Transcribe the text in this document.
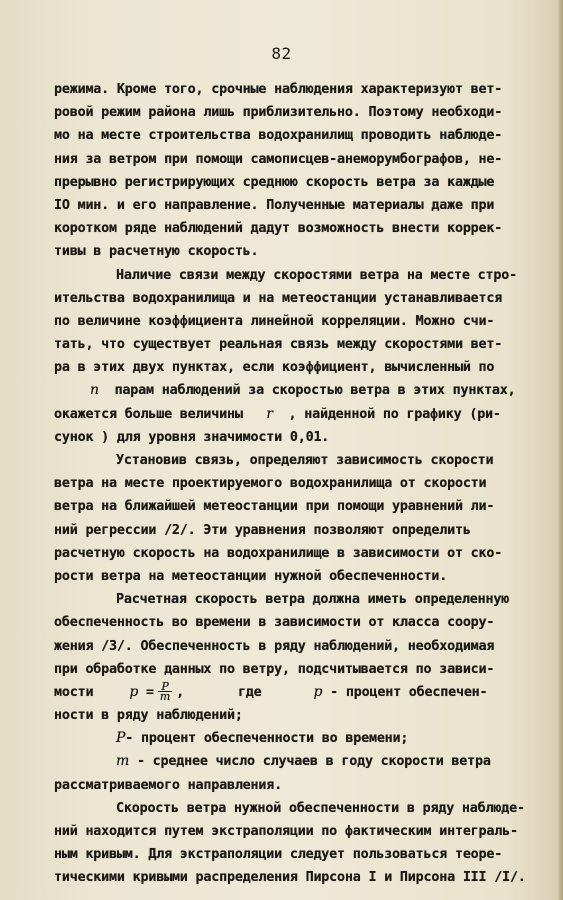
82
режима. Кроме того, срочные наблюдения характеризуют вет-
ровой режим района лишь приблизительно. Поэтому необходи-
мо на месте строительства водохранилищ проводить наблюде-
ния за ветром при помощи самописцев-анеморумбографов, не-
прерывно регистрирующих среднюю скорость ветра за каждые
IO мин. и его направление. Полученные материалы даже при
коротком ряде наблюдений дадут возможность внести коррек-
тивы в расчетную скорость.
Наличие связи между скоростями ветра на месте стро-
ительства водохранилища и на метеостанции устанавливается
по величине коэффициента линейной корреляции. Можно счи-
тать, что существует реальная связь между скоростями вет-
ра в этих двух пунктах, если коэффициент, вычисленный по
n парам наблюдений за скоростью ветра в этих пунктах,
окажется больше величины r , найденной по графику (ри-
сунок ) для уровня значимости 0,01.
Установив связь, определяют зависимость скорости
ветра на месте проектируемого водохранилища от скорости
ветра на ближайшей метеостанции при помощи уравнений ли-
ний регрессии /2/. Эти уравнения позволяют определить
расчетную скорость на водохранилище в зависимости от ско-
рости ветра на метеостанции нужной обеспеченности.
Расчетная скорость ветра должна иметь определенную
обеспеченность во времени в зависимости от класса соору-
жения /3/. Обеспеченность в ряду наблюдений, необходимая
при обработке данных по ветру, подсчитывается по зависи-
мости	$p = \frac{P}{m}$ ,	где	p - процент обеспечен-
ности в ряду наблюдений;
P- процент обеспеченности во времени;
m - среднее число случаев в году скорости ветра
рассматриваемого направления.
Скорость ветра нужной обеспеченности в ряду наблюде-
ний находится путем экстраполяции по фактическим интеграль-
ным кривым. Для экстраполяции следует пользоваться теоре-
тическими кривыми распределения Пирсона I и Пирсона III /I/.
